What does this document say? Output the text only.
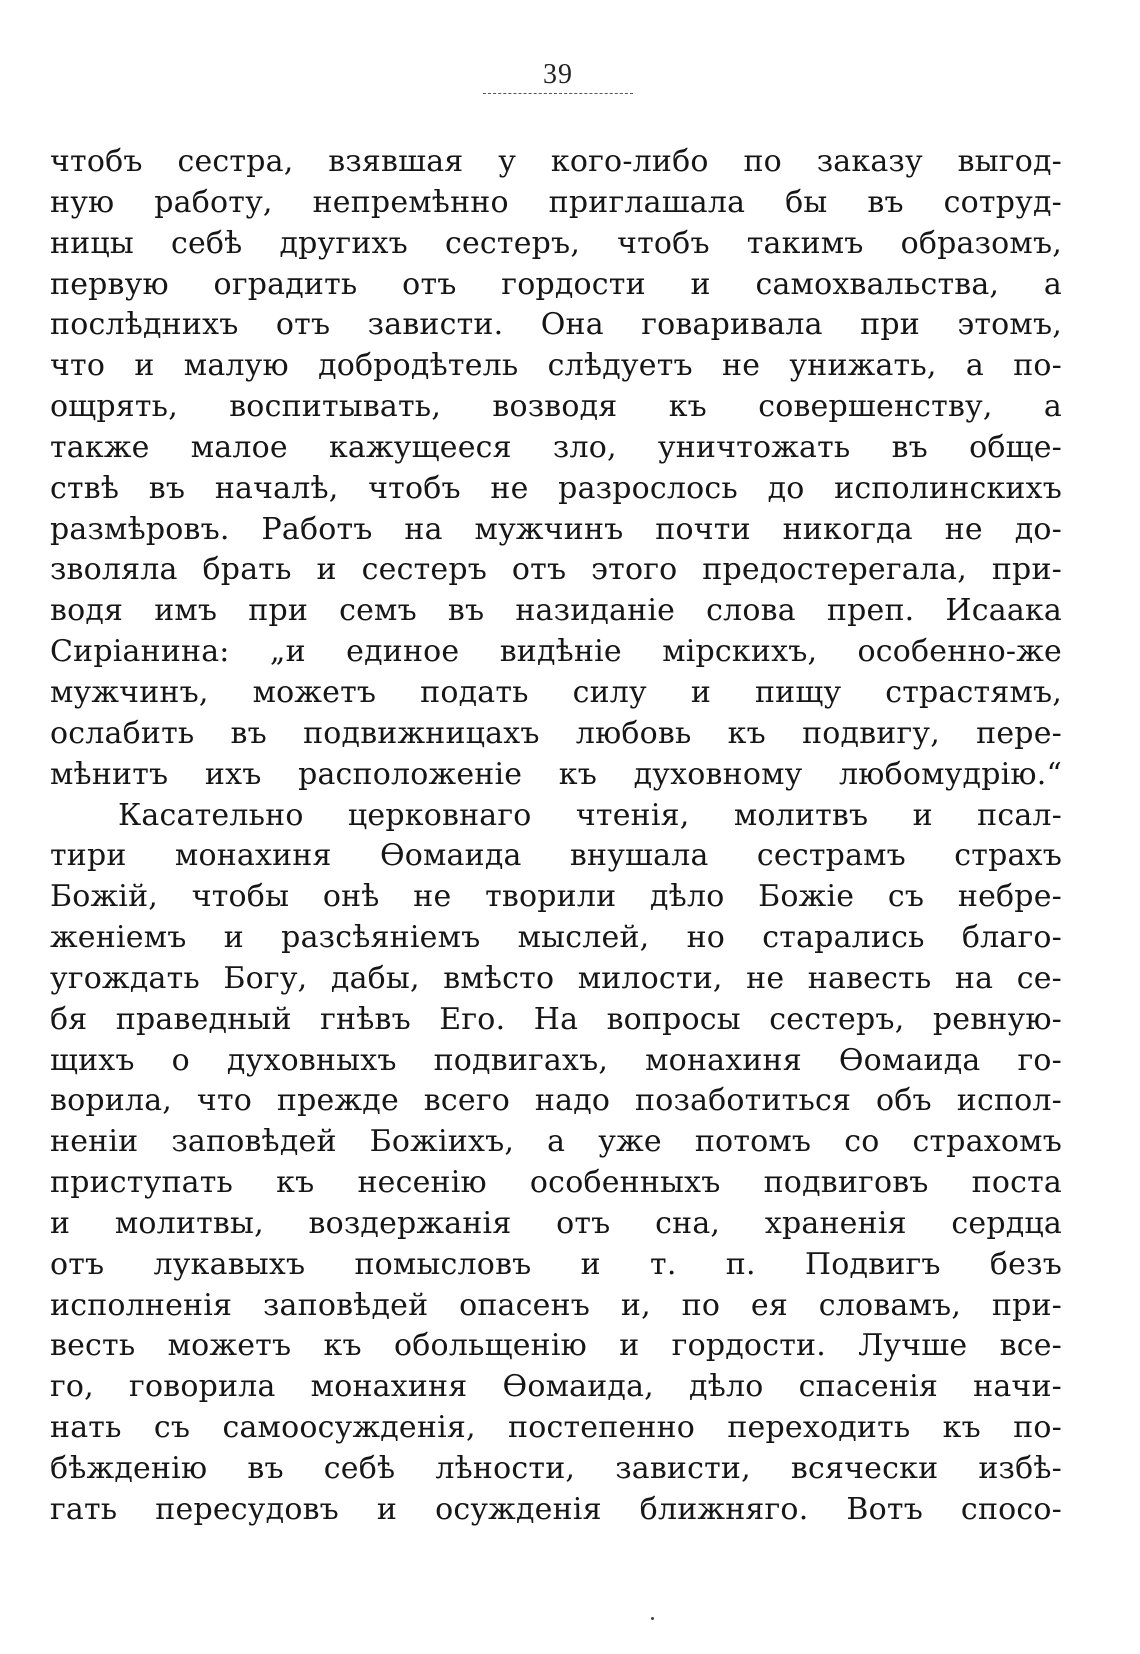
39
чтобъ сестра, взявшая у кого-либо по заказу выгод-
ную работу, непремѣнно приглашала бы въ сотруд-
ницы себѣ другихъ сестеръ, чтобъ такимъ образомъ,
первую оградить отъ гордости и самохвальства, а
послѣднихъ отъ зависти. Она говаривала при этомъ,
что и малую добродѣтель слѣдуетъ не унижать, а по-
ощрять, воспитывать, возводя къ совершенству, а
также малое кажущееся зло, уничтожать въ обще-
ствѣ въ началѣ, чтобъ не разрослось до исполинскихъ
размѣровъ. Работъ на мужчинъ почти никогда не до-
зволяла брать и сестеръ отъ этого предостерегала, при-
водя имъ при семъ въ назиданіе слова преп. Исаака
Сиріанина: „и единое видѣніе мірскихъ, особенно-же
мужчинъ, можетъ подать силу и пищу страстямъ,
ослабить въ подвижницахъ любовь къ подвигу, пере-
мѣнитъ ихъ расположеніе къ духовному любомудрію.“
Касательно церковнаго чтенія, молитвъ и псал-
тири монахиня Ѳомаида внушала сестрамъ страхъ
Божій, чтобы онѣ не творили дѣло Божіе съ небре-
женіемъ и разсѣяніемъ мыслей, но старались благо-
угождать Богу, дабы, вмѣсто милости, не навесть на се-
бя праведный гнѣвъ Его. На вопросы сестеръ, ревную-
щихъ о духовныхъ подвигахъ, монахиня Ѳомаида го-
ворила, что прежде всего надо позаботиться объ испол-
неніи заповѣдей Божіихъ, а уже потомъ со страхомъ
приступать къ несенію особенныхъ подвиговъ поста
и молитвы, воздержанія отъ сна, храненія сердца
отъ лукавыхъ помысловъ и т. п. Подвигъ безъ
исполненія заповѣдей опасенъ и, по ея словамъ, при-
весть можетъ къ обольщенію и гордости. Лучше все-
го, говорила монахиня Ѳомаида, дѣло спасенія начи-
нать съ самоосужденія, постепенно переходить къ по-
бѣжденію въ себѣ лѣности, зависти, всячески избѣ-
гать пересудовъ и осужденія ближняго. Вотъ спосо-
